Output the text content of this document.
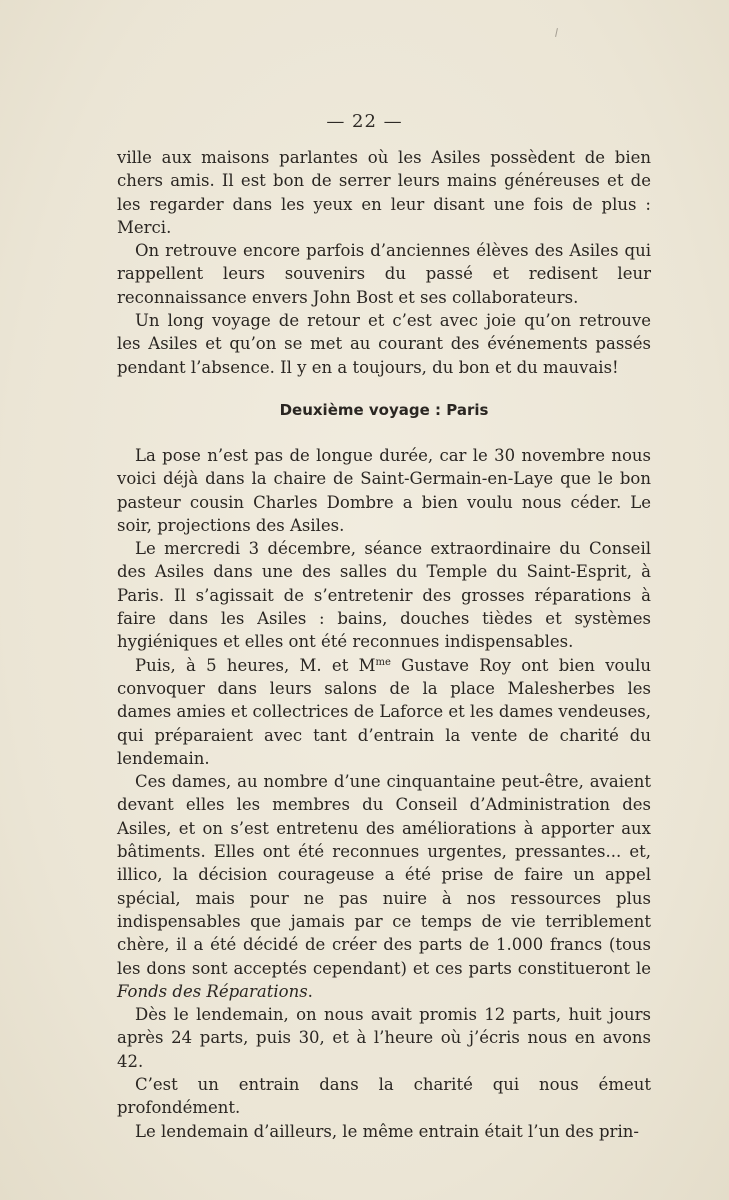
— 22 —

ville aux maisons parlantes où les Asiles possèdent de bien chers amis. Il est bon de serrer leurs mains généreuses et de les regarder dans les yeux en leur disant une fois de plus : Merci.

On retrouve encore parfois d’anciennes élèves des Asiles qui rappellent leurs souvenirs du passé et redisent leur reconnaissance envers John Bost et ses collaborateurs.

Un long voyage de retour et c’est avec joie qu’on retrouve les Asiles et qu’on se met au courant des événements passés pendant l’absence. Il y en a toujours, du bon et du mauvais!

Deuxième voyage : Paris

La pose n’est pas de longue durée, car le 30 novembre nous voici déjà dans la chaire de Saint-Germain-en-Laye que le bon pasteur cousin Charles Dombre a bien voulu nous céder. Le soir, projections des Asiles.

Le mercredi 3 décembre, séance extraordinaire du Conseil des Asiles dans une des salles du Temple du Saint-Esprit, à Paris. Il s’agissait de s’entretenir des grosses réparations à faire dans les Asiles : bains, douches tièdes et systèmes hygiéniques et elles ont été reconnues indispensables.

Puis, à 5 heures, M. et $M^{me}$ Gustave Roy ont bien voulu convoquer dans leurs salons de la place Malesherbes les dames amies et collectrices de Laforce et les dames vendeuses, qui préparaient avec tant d’entrain la vente de charité du lendemain.

Ces dames, au nombre d’une cinquantaine peut-être, avaient devant elles les membres du Conseil d’Administration des Asiles, et on s’est entretenu des améliorations à apporter aux bâtiments. Elles ont été reconnues urgentes, pressantes... et, illico, la décision courageuse a été prise de faire un appel spécial, mais pour ne pas nuire à nos ressources plus indispensables que jamais par ce temps de vie terriblement chère, il a été décidé de créer des parts de 1.000 francs (tous les dons sont acceptés cependant) et ces parts constitueront le Fonds des Réparations.

Dès le lendemain, on nous avait promis 12 parts, huit jours après 24 parts, puis 30, et à l’heure où j’écris nous en avons 42.

C’est un entrain dans la charité qui nous émeut profondément.

Le lendemain d’ailleurs, le même entrain était l’un des prin-
